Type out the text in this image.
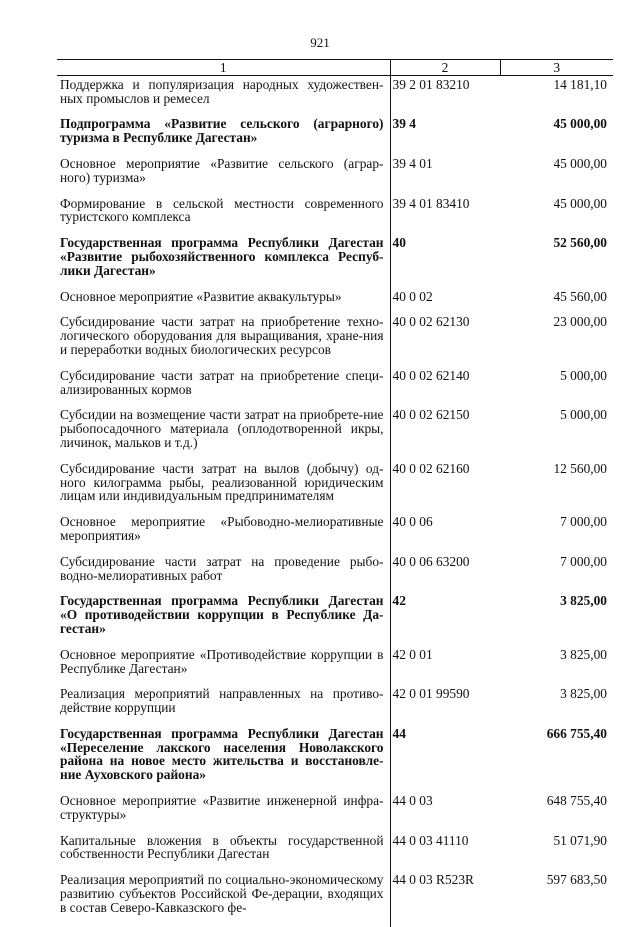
921
1	2	3
Поддержка и популяризация народных художествен-ных промыслов и ремесел	39 2 01 83210	14 181,10
Подпрограмма «Развитие сельского (аграрного) туризма в Республике Дагестан»	39 4	45 000,00
Основное мероприятие «Развитие сельского (аграр-ного) туризма»	39 4 01	45 000,00
Формирование в сельской местности современного туристского комплекса	39 4 01 83410	45 000,00
Государственная программа Республики Дагестан «Развитие рыбохозяйственного комплекса Респуб-лики Дагестан»	40	52 560,00
Основное мероприятие «Развитие аквакультуры»	40 0 02	45 560,00
Субсидирование части затрат на приобретение техно-логического оборудования для выращивания, хране-ния и переработки водных биологических ресурсов	40 0 02 62130	23 000,00
Субсидирование части затрат на приобретение специ-ализированных кормов	40 0 02 62140	5 000,00
Субсидии на возмещение части затрат на приобрете-ние рыбопосадочного материала (оплодотворенной икры, личинок, мальков и т.д.)	40 0 02 62150	5 000,00
Субсидирование части затрат на вылов (добычу) од-ного килограмма рыбы, реализованной юридическим лицам или индивидуальным предпринимателям	40 0 02 62160	12 560,00
Основное мероприятие «Рыбоводно-мелиоративные мероприятия»	40 0 06	7 000,00
Субсидирование части затрат на проведение рыбо-водно-мелиоративных работ	40 0 06 63200	7 000,00
Государственная программа Республики Дагестан «О противодействии коррупции в Республике Да-гестан»	42	3 825,00
Основное мероприятие «Противодействие коррупции в Республике Дагестан»	42 0 01	3 825,00
Реализация мероприятий направленных на противо-действие коррупции	42 0 01 99590	3 825,00
Государственная программа Республики Дагестан «Переселение лакского населения Новолакского района на новое место жительства и восстановле-ние Ауховского района»	44	666 755,40
Основное мероприятие «Развитие инженерной инфра-структуры»	44 0 03	648 755,40
Капитальные вложения в объекты государственной собственности Республики Дагестан	44 0 03 41110	51 071,90
Реализация мероприятий по социально-экономическому развитию субъектов Российской Фе-дерации, входящих в состав Северо-Кавказского фе-	44 0 03 R523R	597 683,50
